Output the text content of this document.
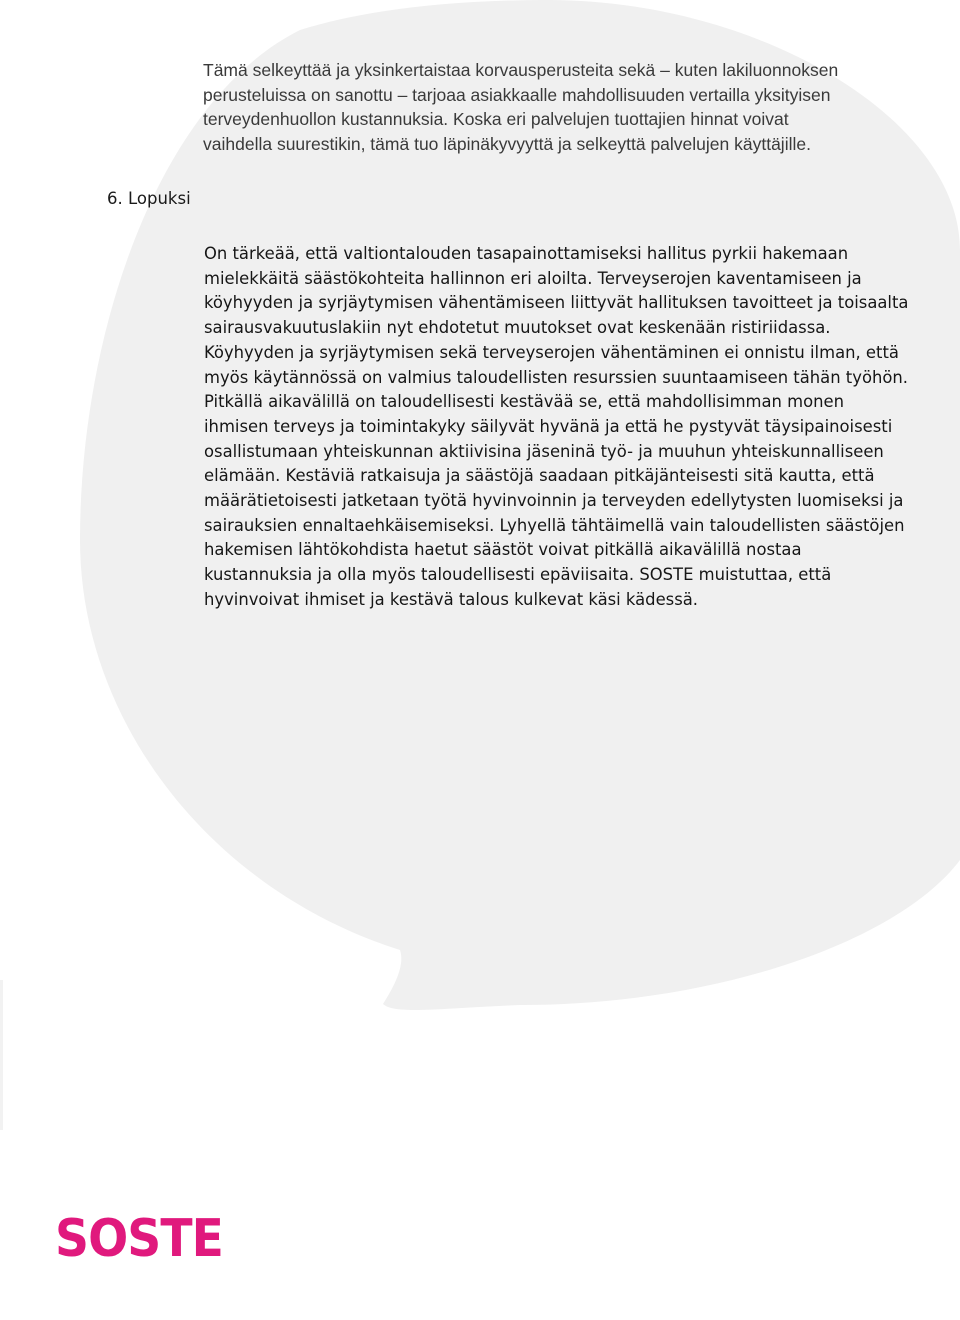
Tämä selkeyttää ja yksinkertaistaa korvausperusteita sekä – kuten lakiluonnoksen
perusteluissa on sanottu – tarjoaa asiakkaalle mahdollisuuden vertailla yksityisen
terveydenhuollon kustannuksia. Koska eri palvelujen tuottajien hinnat voivat
vaihdella suurestikin, tämä tuo läpinäkyvyyttä ja selkeyttä palvelujen käyttäjille.
6. Lopuksi
On tärkeää, että valtiontalouden tasapainottamiseksi hallitus pyrkii hakemaan
mielekkäitä säästökohteita hallinnon eri aloilta. Terveyserojen kaventamiseen ja
köyhyyden ja syrjäytymisen vähentämiseen liittyvät hallituksen tavoitteet ja toisaalta
sairausvakuutuslakiin nyt ehdotetut muutokset ovat keskenään ristiriidassa.
Köyhyyden ja syrjäytymisen sekä terveyserojen vähentäminen ei onnistu ilman, että
myös käytännössä on valmius taloudellisten resurssien suuntaamiseen tähän työhön.
Pitkällä aikavälillä on taloudellisesti kestävää se, että mahdollisimman monen
ihmisen terveys ja toimintakyky säilyvät hyvänä ja että he pystyvät täysipainoisesti
osallistumaan yhteiskunnan aktiivisina jäseninä työ- ja muuhun yhteiskunnalliseen
elämään. Kestäviä ratkaisuja ja säästöjä saadaan pitkäjänteisesti sitä kautta, että
määrätietoisesti jatketaan työtä hyvinvoinnin ja terveyden edellytysten luomiseksi ja
sairauksien ennaltaehkäisemiseksi. Lyhyellä tähtäimellä vain taloudellisten säästöjen
hakemisen lähtökohdista haetut säästöt voivat pitkällä aikavälillä nostaa
kustannuksia ja olla myös taloudellisesti epäviisaita. SOSTE muistuttaa, että
hyvinvoivat ihmiset ja kestävä talous kulkevat käsi kädessä.
SOSTE
